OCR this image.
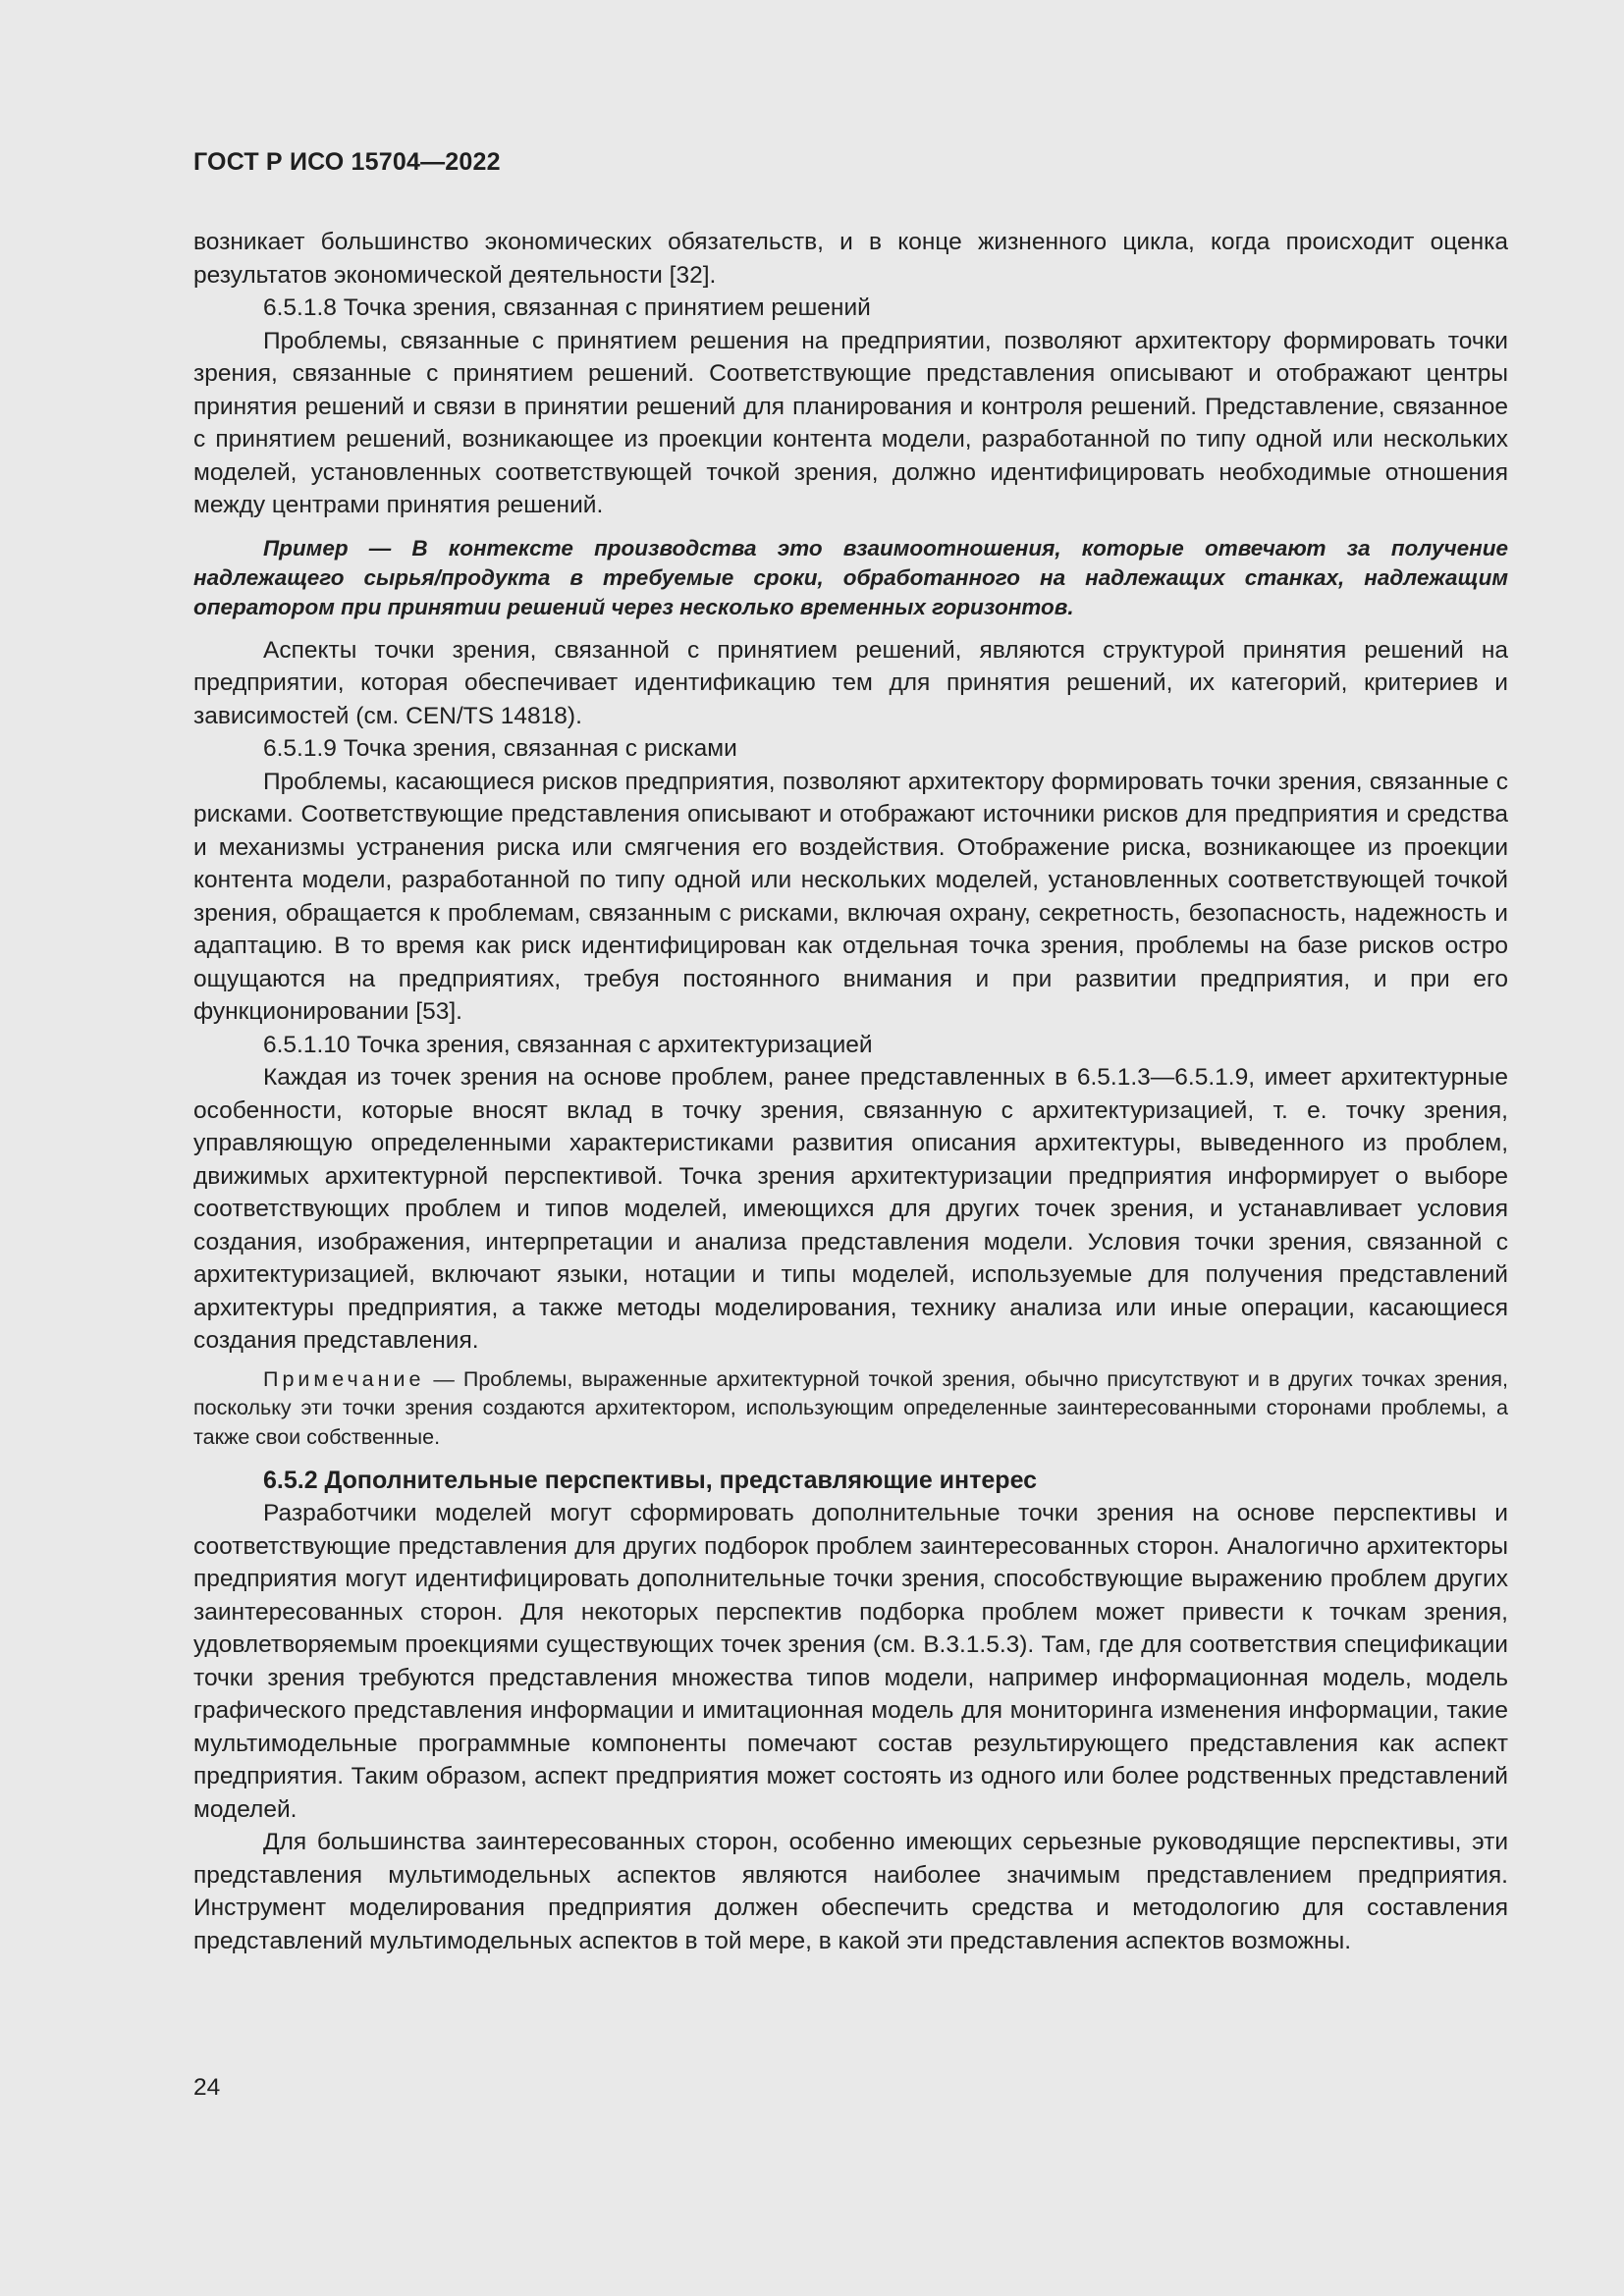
ГОСТ Р ИСО 15704—2022

возникает большинство экономических обязательств, и в конце жизненного цикла, когда происходит оценка результатов экономической деятельности [32].

6.5.1.8 Точка зрения, связанная с принятием решений

Проблемы, связанные с принятием решения на предприятии, позволяют архитектору формировать точки зрения, связанные с принятием решений. Соответствующие представления описывают и отображают центры принятия решений и связи в принятии решений для планирования и контроля решений. Представление, связанное с принятием решений, возникающее из проекции контента модели, разработанной по типу одной или нескольких моделей, установленных соответствующей точкой зрения, должно идентифицировать необходимые отношения между центрами принятия решений.

Пример — В контексте производства это взаимоотношения, которые отвечают за получение надлежащего сырья/продукта в требуемые сроки, обработанного на надлежащих станках, надлежащим оператором при принятии решений через несколько временных горизонтов.

Аспекты точки зрения, связанной с принятием решений, являются структурой принятия решений на предприятии, которая обеспечивает идентификацию тем для принятия решений, их категорий, критериев и зависимостей (см. CEN/TS 14818).

6.5.1.9 Точка зрения, связанная с рисками

Проблемы, касающиеся рисков предприятия, позволяют архитектору формировать точки зрения, связанные с рисками. Соответствующие представления описывают и отображают источники рисков для предприятия и средства и механизмы устранения риска или смягчения его воздействия. Отображение риска, возникающее из проекции контента модели, разработанной по типу одной или нескольких моделей, установленных соответствующей точкой зрения, обращается к проблемам, связанным с рисками, включая охрану, секретность, безопасность, надежность и адаптацию. В то время как риск идентифицирован как отдельная точка зрения, проблемы на базе рисков остро ощущаются на предприятиях, требуя постоянного внимания и при развитии предприятия, и при его функционировании [53].

6.5.1.10 Точка зрения, связанная с архитектуризацией

Каждая из точек зрения на основе проблем, ранее представленных в 6.5.1.3—6.5.1.9, имеет архитектурные особенности, которые вносят вклад в точку зрения, связанную с архитектуризацией, т. е. точку зрения, управляющую определенными характеристиками развития описания архитектуры, выведенного из проблем, движимых архитектурной перспективой. Точка зрения архитектуризации предприятия информирует о выборе соответствующих проблем и типов моделей, имеющихся для других точек зрения, и устанавливает условия создания, изображения, интерпретации и анализа представления модели. Условия точки зрения, связанной с архитектуризацией, включают языки, нотации и типы моделей, используемые для получения представлений архитектуры предприятия, а также методы моделирования, технику анализа или иные операции, касающиеся создания представления.

Примечание — Проблемы, выраженные архитектурной точкой зрения, обычно присутствуют и в других точках зрения, поскольку эти точки зрения создаются архитектором, использующим определенные заинтересованными сторонами проблемы, а также свои собственные.

6.5.2 Дополнительные перспективы, представляющие интерес

Разработчики моделей могут сформировать дополнительные точки зрения на основе перспективы и соответствующие представления для других подборок проблем заинтересованных сторон. Аналогично архитекторы предприятия могут идентифицировать дополнительные точки зрения, способствующие выражению проблем других заинтересованных сторон. Для некоторых перспектив подборка проблем может привести к точкам зрения, удовлетворяемым проекциями существующих точек зрения (см. В.3.1.5.3). Там, где для соответствия спецификации точки зрения требуются представления множества типов модели, например информационная модель, модель графического представления информации и имитационная модель для мониторинга изменения информации, такие мультимодельные программные компоненты помечают состав результирующего представления как аспект предприятия. Таким образом, аспект предприятия может состоять из одного или более родственных представлений моделей.

Для большинства заинтересованных сторон, особенно имеющих серьезные руководящие перспективы, эти представления мультимодельных аспектов являются наиболее значимым представлением предприятия. Инструмент моделирования предприятия должен обеспечить средства и методологию для составления представлений мультимодельных аспектов в той мере, в какой эти представления аспектов возможны.

24
